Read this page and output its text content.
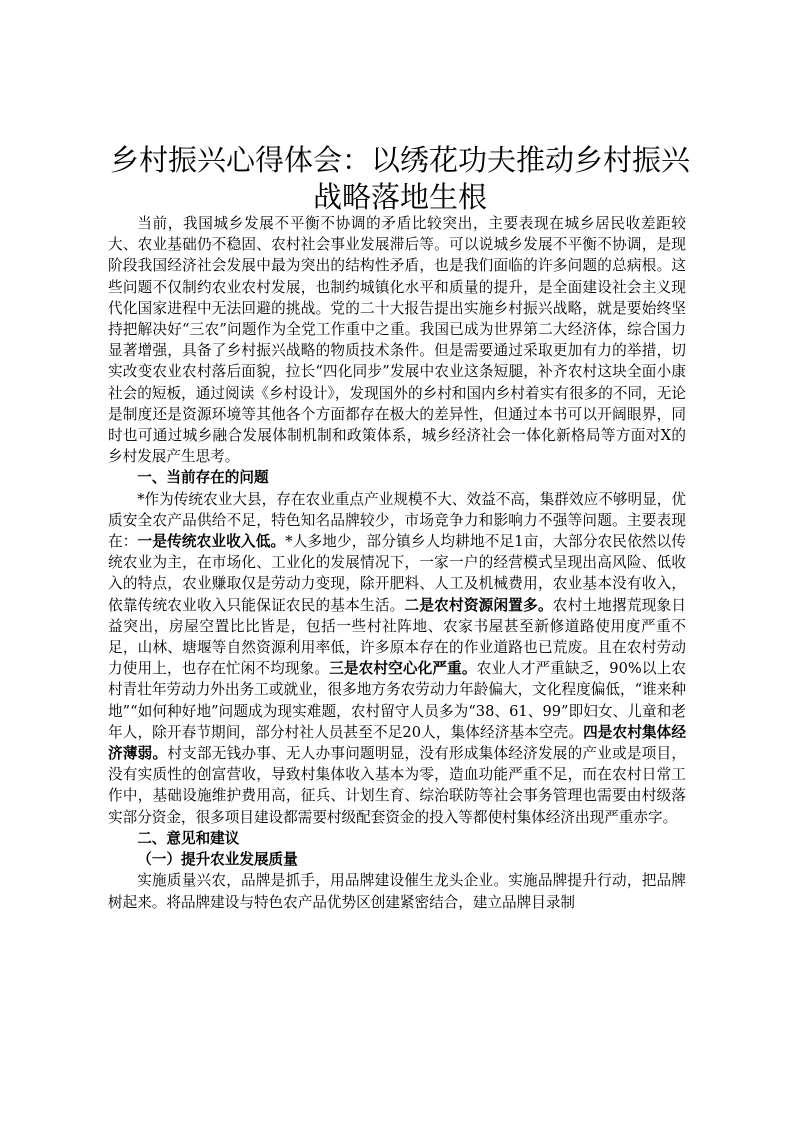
乡村振兴心得体会：以绣花功夫推动乡村振兴战略落地生根

当前，我国城乡发展不平衡不协调的矛盾比较突出，主要表现在城乡居民收差距较大、农业基础仍不稳固、农村社会事业发展滞后等。可以说城乡发展不平衡不协调，是现阶段我国经济社会发展中最为突出的结构性矛盾，也是我们面临的许多问题的总病根。这些问题不仅制约农业农村发展，也制约城镇化水平和质量的提升，是全面建设社会主义现代化国家进程中无法回避的挑战。党的二十大报告提出实施乡村振兴战略，就是要始终坚持把解决好“三农”问题作为全党工作重中之重。我国已成为世界第二大经济体，综合国力显著增强，具备了乡村振兴战略的物质技术条件。但是需要通过采取更加有力的举措，切实改变农业农村落后面貌，拉长“四化同步”发展中农业这条短腿，补齐农村这块全面小康社会的短板，通过阅读《乡村设计》，发现国外的乡村和国内乡村着实有很多的不同，无论是制度还是资源环境等其他各个方面都存在极大的差异性，但通过本书可以开阔眼界，同时也可通过城乡融合发展体制机制和政策体系，城乡经济社会一体化新格局等方面对X的乡村发展产生思考。

一、当前存在的问题

*作为传统农业大县，存在农业重点产业规模不大、效益不高，集群效应不够明显，优质安全农产品供给不足，特色知名品牌较少，市场竞争力和影响力不强等问题。主要表现在：一是传统农业收入低。*人多地少，部分镇乡人均耕地不足1亩，大部分农民依然以传统农业为主，在市场化、工业化的发展情况下，一家一户的经营模式呈现出高风险、低收入的特点，农业赚取仅是劳动力变现，除开肥料、人工及机械费用，农业基本没有收入，依靠传统农业收入只能保证农民的基本生活。二是农村资源闲置多。农村土地撂荒现象日益突出，房屋空置比比皆是，包括一些村社阵地、农家书屋甚至新修道路使用度严重不足，山林、塘堰等自然资源利用率低，许多原本存在的作业道路也已荒废。且在农村劳动力使用上，也存在忙闲不均现象。三是农村空心化严重。农业人才严重缺乏，90%以上农村青壮年劳动力外出务工或就业，很多地方务农劳动力年龄偏大，文化程度偏低，“谁来种地”“如何种好地”问题成为现实难题，农村留守人员多为“38、61、99”即妇女、儿童和老年人，除开春节期间，部分村社人员甚至不足20人，集体经济基本空壳。四是农村集体经济薄弱。村支部无钱办事、无人办事问题明显，没有形成集体经济发展的产业或是项目，没有实质性的创富营收，导致村集体收入基本为零，造血功能严重不足，而在农村日常工作中，基础设施维护费用高，征兵、计划生育、综治联防等社会事务管理也需要由村级落实部分资金，很多项目建设都需要村级配套资金的投入等都使村集体经济出现严重赤字。

二、意见和建议

（一）提升农业发展质量

实施质量兴农，品牌是抓手，用品牌建设催生龙头企业。实施品牌提升行动，把品牌树起来。将品牌建设与特色农产品优势区创建紧密结合，建立品牌目录制
